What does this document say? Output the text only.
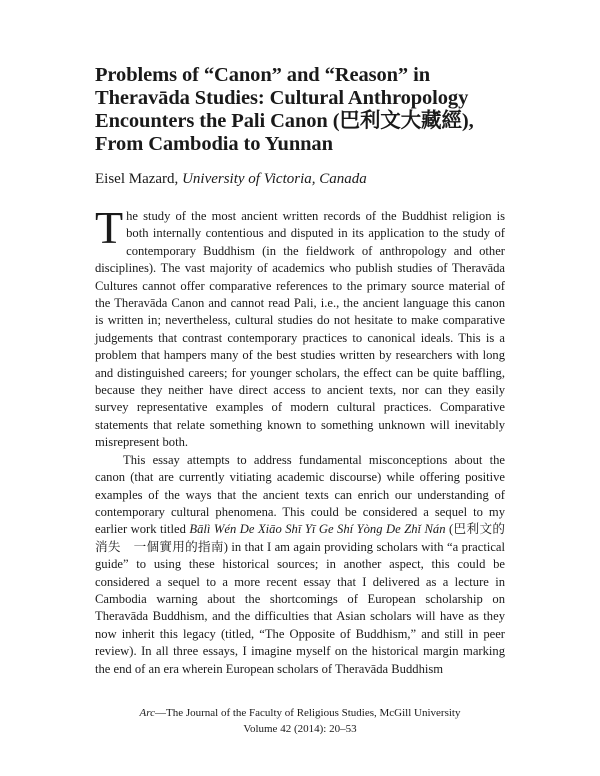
Problems of “Canon” and “Reason” in
Theravāda Studies: Cultural Anthropology
Encounters the Pali Canon (巴利文大藏經),
From Cambodia to Yunnan

Eisel Mazard, University of Victoria, Canada

The study of the most ancient written records of the Buddhist religion is both internally contentious and disputed in its application to the study of contemporary Buddhism (in the fieldwork of anthropology and other disciplines). The vast majority of academics who publish studies of Theravāda Cultures cannot offer comparative references to the primary source material of the Theravāda Canon and cannot read Pali, i.e., the ancient language this canon is written in; nevertheless, cultural studies do not hesitate to make comparative judgements that contrast contemporary practices to canonical ideals. This is a problem that hampers many of the best studies written by researchers with long and distinguished careers; for younger scholars, the effect can be quite baffling, because they neither have direct access to ancient texts, nor can they easily survey representative examples of modern cultural practices. Comparative statements that relate something known to something unknown will inevitably misrepresent both.

This essay attempts to address fundamental misconceptions about the canon (that are currently vitiating academic discourse) while offering positive examples of the ways that the ancient texts can enrich our understanding of contemporary cultural phenomena. This could be considered a sequel to my earlier work titled Bālì Wén De Xiāo Shī Yī Ge Shí Yòng De Zhǐ Nán (巴利文的消失　一個實用的指南) in that I am again providing scholars with “a practical guide” to using these historical sources; in another aspect, this could be considered a sequel to a more recent essay that I delivered as a lecture in Cambodia warning about the shortcomings of European scholarship on Theravāda Buddhism, and the difficulties that Asian scholars will have as they now inherit this legacy (titled, “The Opposite of Buddhism,” and still in peer review). In all three essays, I imagine myself on the historical margin marking the end of an era wherein European scholars of Theravāda Buddhism

Arc—The Journal of the Faculty of Religious Studies, McGill University

Volume 42 (2014): 20–53
